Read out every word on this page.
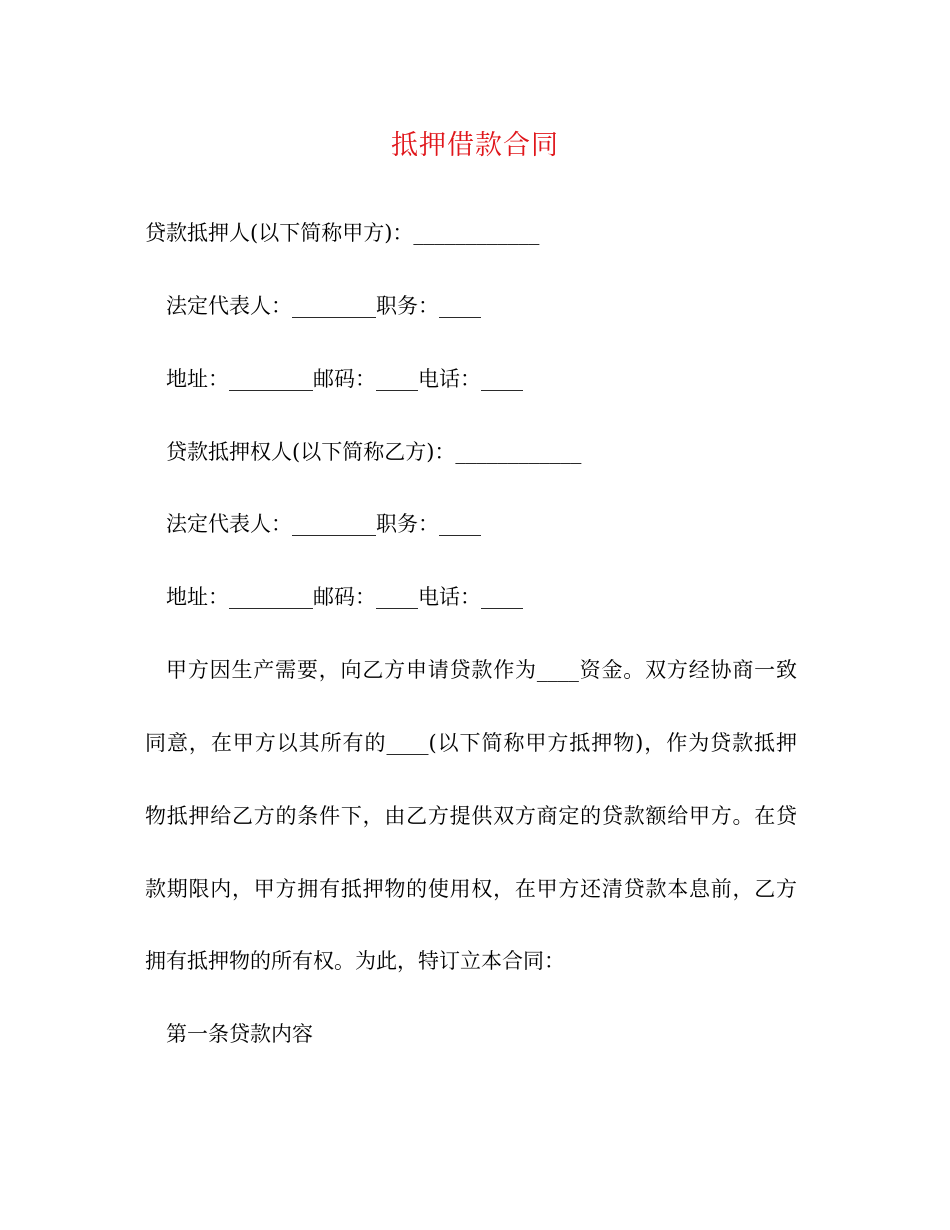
抵押借款合同
贷款抵押人(以下简称甲方)：____________
法定代表人：________职务：____
地址：________邮码：____电话：____
贷款抵押权人(以下简称乙方)：____________
法定代表人：________职务：____
地址：________邮码：____电话：____
甲方因生产需要，向乙方申请贷款作为____资金。双方经协商一致
同意，在甲方以其所有的____(以下简称甲方抵押物)，作为贷款抵押
物抵押给乙方的条件下，由乙方提供双方商定的贷款额给甲方。在贷
款期限内，甲方拥有抵押物的使用权，在甲方还清贷款本息前，乙方
拥有抵押物的所有权。为此，特订立本合同：
第一条贷款内容
